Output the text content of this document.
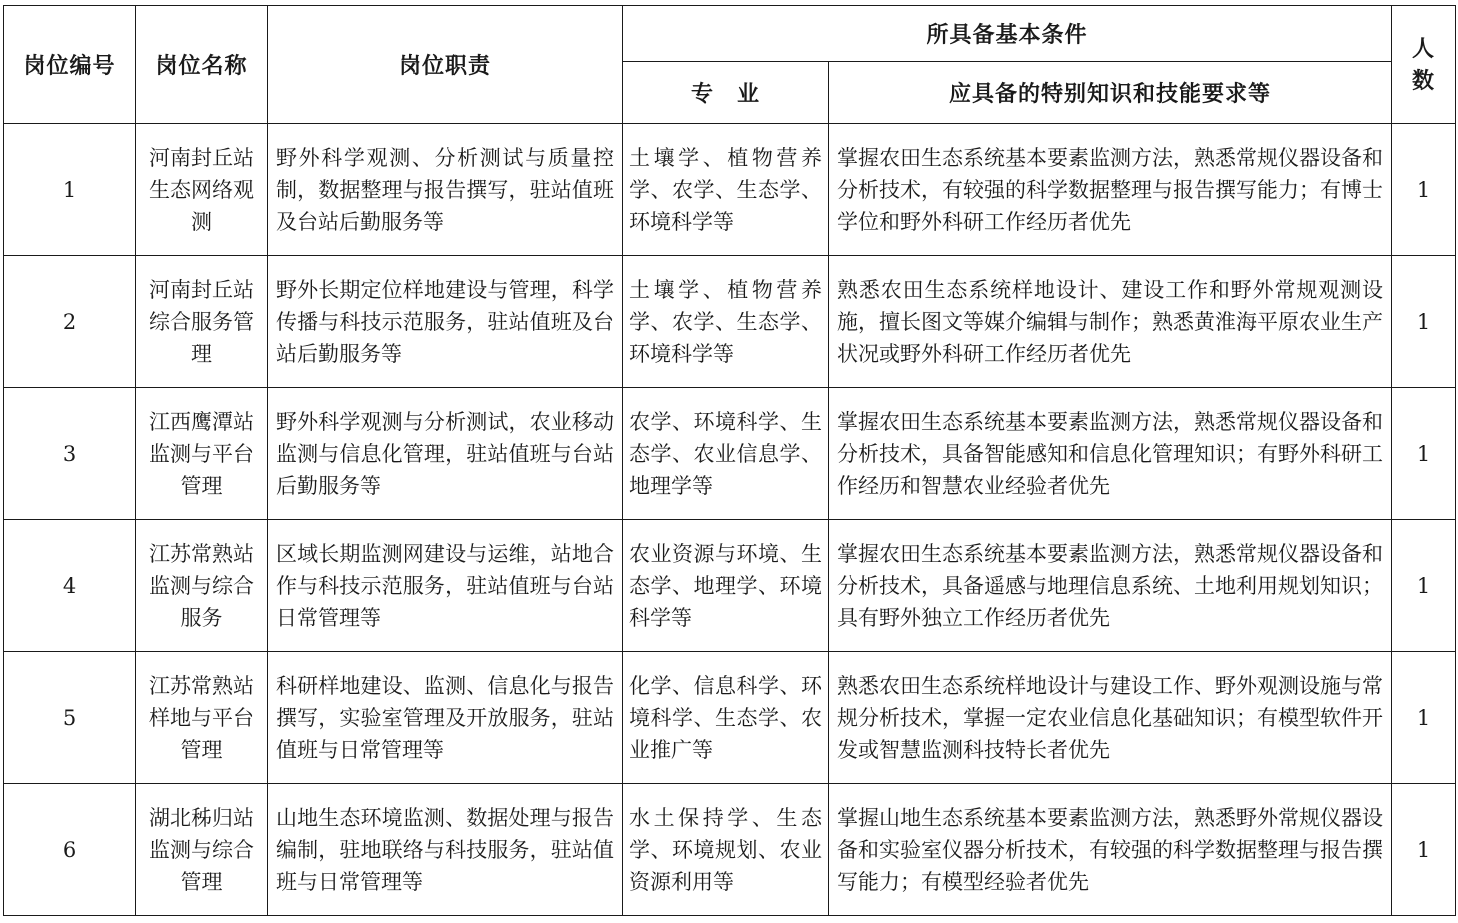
岗位编号	岗位名称	岗位职责	所具备基本条件		人
数
			专　业	应具备的特别知识和技能要求等	
1	河南封丘站生态网络观测	野外科学观测、分析测试与质量控制，数据整理与报告撰写，驻站值班及台站后勤服务等	土壤学、植物营养学、农学、生态学、环境科学等	掌握农田生态系统基本要素监测方法，熟悉常规仪器设备和分析技术，有较强的科学数据整理与报告撰写能力；有博士学位和野外科研工作经历者优先	1
2	河南封丘站综合服务管理	野外长期定位样地建设与管理，科学传播与科技示范服务，驻站值班及台站后勤服务等	土壤学、植物营养学、农学、生态学、环境科学等	熟悉农田生态系统样地设计、建设工作和野外常规观测设施，擅长图文等媒介编辑与制作；熟悉黄淮海平原农业生产状况或野外科研工作经历者优先	1
3	江西鹰潭站监测与平台管理	野外科学观测与分析测试，农业移动监测与信息化管理，驻站值班与台站后勤服务等	农学、环境科学、生态学、农业信息学、地理学等	掌握农田生态系统基本要素监测方法，熟悉常规仪器设备和分析技术，具备智能感知和信息化管理知识；有野外科研工作经历和智慧农业经验者优先	1
4	江苏常熟站监测与综合服务	区域长期监测网建设与运维，站地合作与科技示范服务，驻站值班与台站日常管理等	农业资源与环境、生态学、地理学、环境科学等	掌握农田生态系统基本要素监测方法，熟悉常规仪器设备和分析技术，具备遥感与地理信息系统、土地利用规划知识；具有野外独立工作经历者优先	1
5	江苏常熟站样地与平台管理	科研样地建设、监测、信息化与报告撰写，实验室管理及开放服务，驻站值班与日常管理等	化学、信息科学、环境科学、生态学、农业推广等	熟悉农田生态系统样地设计与建设工作、野外观测设施与常规分析技术，掌握一定农业信息化基础知识；有模型软件开发或智慧监测科技特长者优先	1
6	湖北秭归站监测与综合管理	山地生态环境监测、数据处理与报告编制，驻地联络与科技服务，驻站值班与日常管理等	水土保持学、生态学、环境规划、农业资源利用等	掌握山地生态系统基本要素监测方法，熟悉野外常规仪器设备和实验室仪器分析技术，有较强的科学数据整理与报告撰写能力；有模型经验者优先	1
